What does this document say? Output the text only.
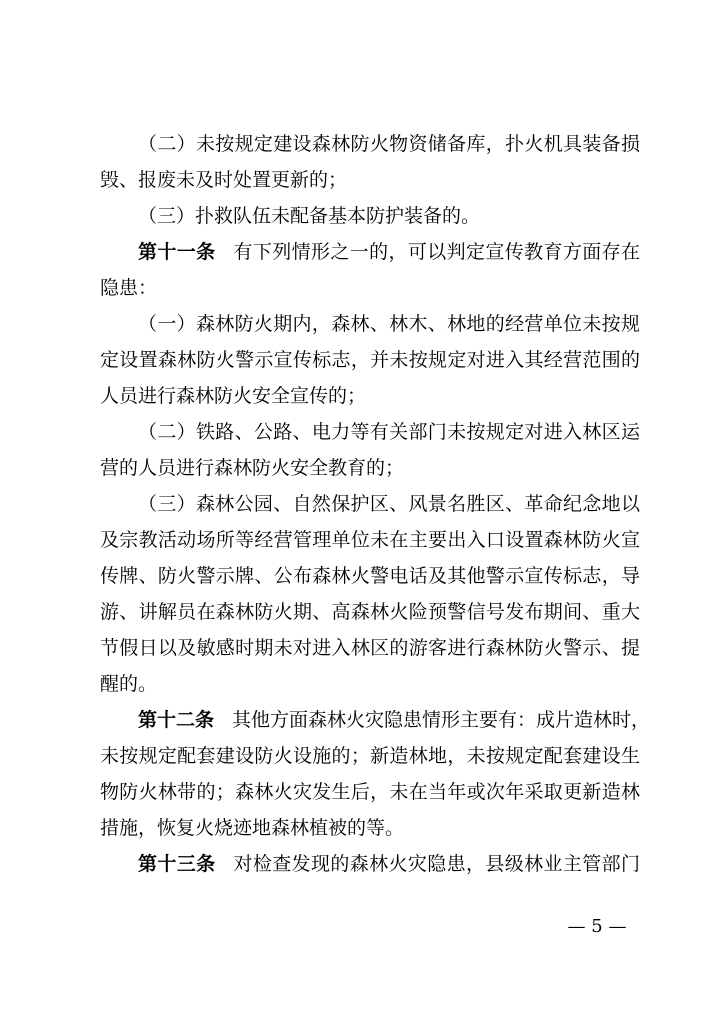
（二）未按规定建设森林防火物资储备库，扑火机具装备损
毁、报废未及时处置更新的；
（三）扑救队伍未配备基本防护装备的。
第十一条 有下列情形之一的，可以判定宣传教育方面存在
隐患：
（一）森林防火期内，森林、林木、林地的经营单位未按规
定设置森林防火警示宣传标志，并未按规定对进入其经营范围的
人员进行森林防火安全宣传的；
（二）铁路、公路、电力等有关部门未按规定对进入林区运
营的人员进行森林防火安全教育的；
（三）森林公园、自然保护区、风景名胜区、革命纪念地以
及宗教活动场所等经营管理单位未在主要出入口设置森林防火宣
传牌、防火警示牌、公布森林火警电话及其他警示宣传标志，导
游、讲解员在森林防火期、高森林火险预警信号发布期间、重大
节假日以及敏感时期未对进入林区的游客进行森林防火警示、提
醒的。
第十二条 其他方面森林火灾隐患情形主要有：成片造林时，
未按规定配套建设防火设施的；新造林地，未按规定配套建设生
物防火林带的；森林火灾发生后，未在当年或次年采取更新造林
措施，恢复火烧迹地森林植被的等。
第十三条 对检查发现的森林火灾隐患，县级林业主管部门
— 5 —
